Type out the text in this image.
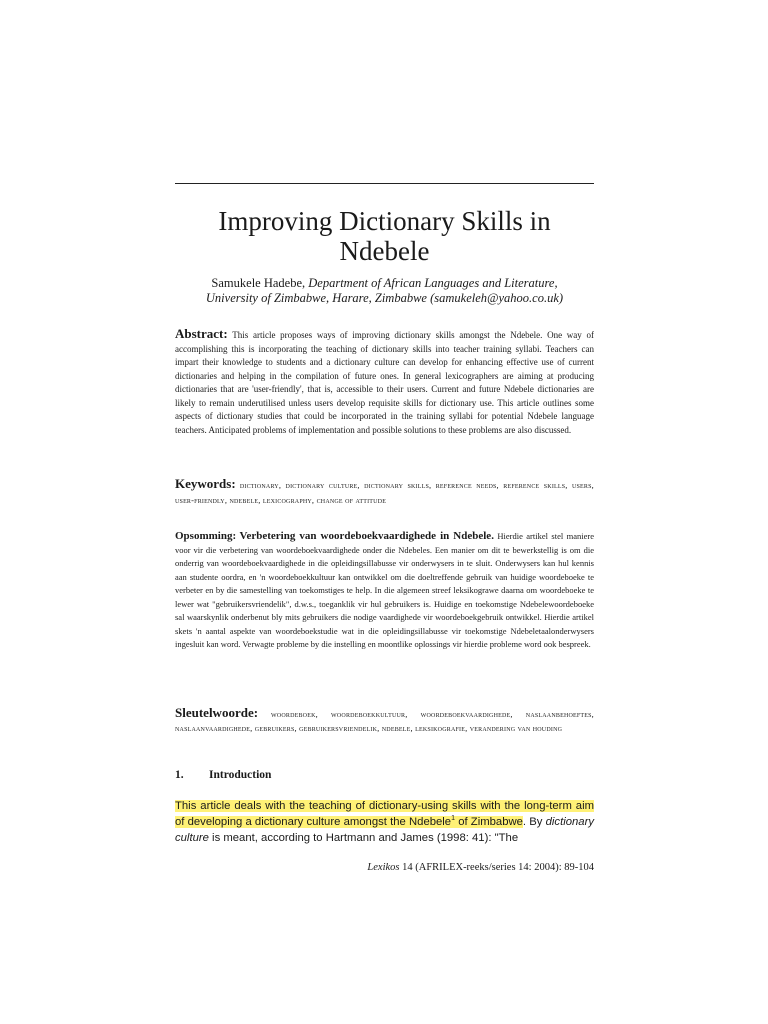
Improving Dictionary Skills in Ndebele
Samukele Hadebe, Department of African Languages and Literature,
University of Zimbabwe, Harare, Zimbabwe (samukeleh@yahoo.co.uk)

Abstract: This article proposes ways of improving dictionary skills amongst the Ndebele. One way of accomplishing this is incorporating the teaching of dictionary skills into teacher training syllabi. Teachers can impart their knowledge to students and a dictionary culture can develop for enhancing effective use of current dictionaries and helping in the compilation of future ones. In general lexicographers are aiming at producing dictionaries that are 'user-friendly', that is, accessible to their users. Current and future Ndebele dictionaries are likely to remain underutilised unless users develop requisite skills for dictionary use. This article outlines some aspects of dictionary studies that could be incorporated in the training syllabi for potential Ndebele language teachers. Anticipated problems of implementation and possible solutions to these problems are also discussed.

Keywords: dictionary, dictionary culture, dictionary skills, reference needs, reference skills, users, user-friendly, ndebele, lexicography, change of attitude

Opsomming: Verbetering van woordeboekvaardighede in Ndebele. Hierdie artikel stel maniere voor vir die verbetering van woordeboekvaardighede onder die Ndebeles. Een manier om dit te bewerkstellig is om die onderrig van woordeboekvaardighede in die opleidingsillabusse vir onderwysers in te sluit. Onderwysers kan hul kennis aan studente oordra, en 'n woordeboekkultuur kan ontwikkel om die doeltreffende gebruik van huidige woordeboeke te verbeter en by die samestelling van toekomstiges te help. In die algemeen streef leksikograwe daarna om woordeboeke te lewer wat "gebruikersvriendelik", d.w.s., toeganklik vir hul gebruikers is. Huidige en toekomstige Ndebelewoordeboeke sal waarskynlik onderbenut bly mits gebruikers die nodige vaardighede vir woordeboekgebruik ontwikkel. Hierdie artikel skets 'n aantal aspekte van woordeboekstudie wat in die opleidingsillabusse vir toekomstige Ndebeletaalonderwysers ingesluit kan word. Verwagte probleme by die instelling en moontlike oplossings vir hierdie probleme word ook bespreek.

Sleutelwoorde: woordeboek, woordeboekkultuur, woordeboekvaardighede, naslaanbehoeftes, naslaanvaardighede, gebruikers, gebruikersvriendelik, ndebele, leksikografie, verandering van houding

1. Introduction

This article deals with the teaching of dictionary-using skills with the long-term aim of developing a dictionary culture amongst the Ndebele$^1$ of Zimbabwe. By dictionary culture is meant, according to Hartmann and James (1998: 41): "The

Lexikos 14 (AFRILEX-reeks/series 14: 2004): 89-104
